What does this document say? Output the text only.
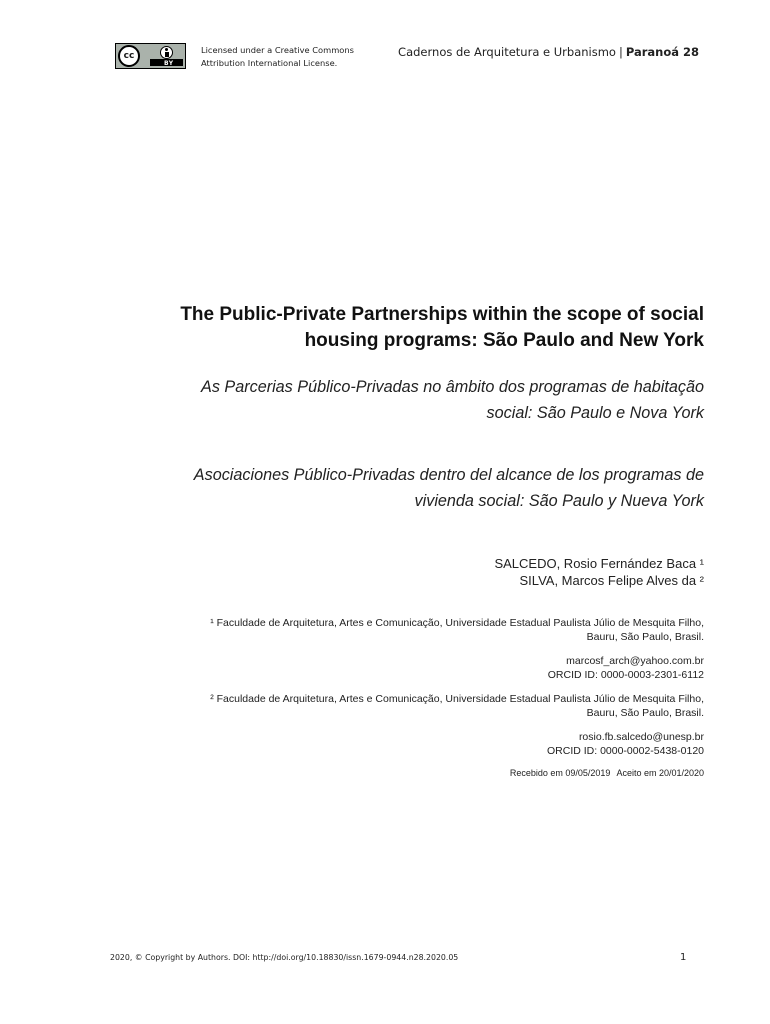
cc
BY
Licensed under a Creative Commons
Attribution International License.
Cadernos de Arquitetura e Urbanismo | Paranoá 28
The Public-Private Partnerships within the scope of social
housing programs: São Paulo and New York
As Parcerias Público-Privadas no âmbito dos programas de habitação
social: São Paulo e Nova York
Asociaciones Público-Privadas dentro del alcance de los programas de
vivienda social: São Paulo y Nueva York
SALCEDO, Rosio Fernández Baca ¹
SILVA, Marcos Felipe Alves da ²
¹ Faculdade de Arquitetura, Artes e Comunicação, Universidade Estadual Paulista Júlio de Mesquita Filho,
Bauru, São Paulo, Brasil.
marcosf_arch@yahoo.com.br
ORCID ID: 0000-0003-2301-6112
² Faculdade de Arquitetura, Artes e Comunicação, Universidade Estadual Paulista Júlio de Mesquita Filho,
Bauru, São Paulo, Brasil.
rosio.fb.salcedo@unesp.br
ORCID ID: 0000-0002-5438-0120
Recebido em 09/05/2019 Aceito em 20/01/2020
2020, © Copyright by Authors. DOI: http://doi.org/10.18830/issn.1679-0944.n28.2020.05	1
